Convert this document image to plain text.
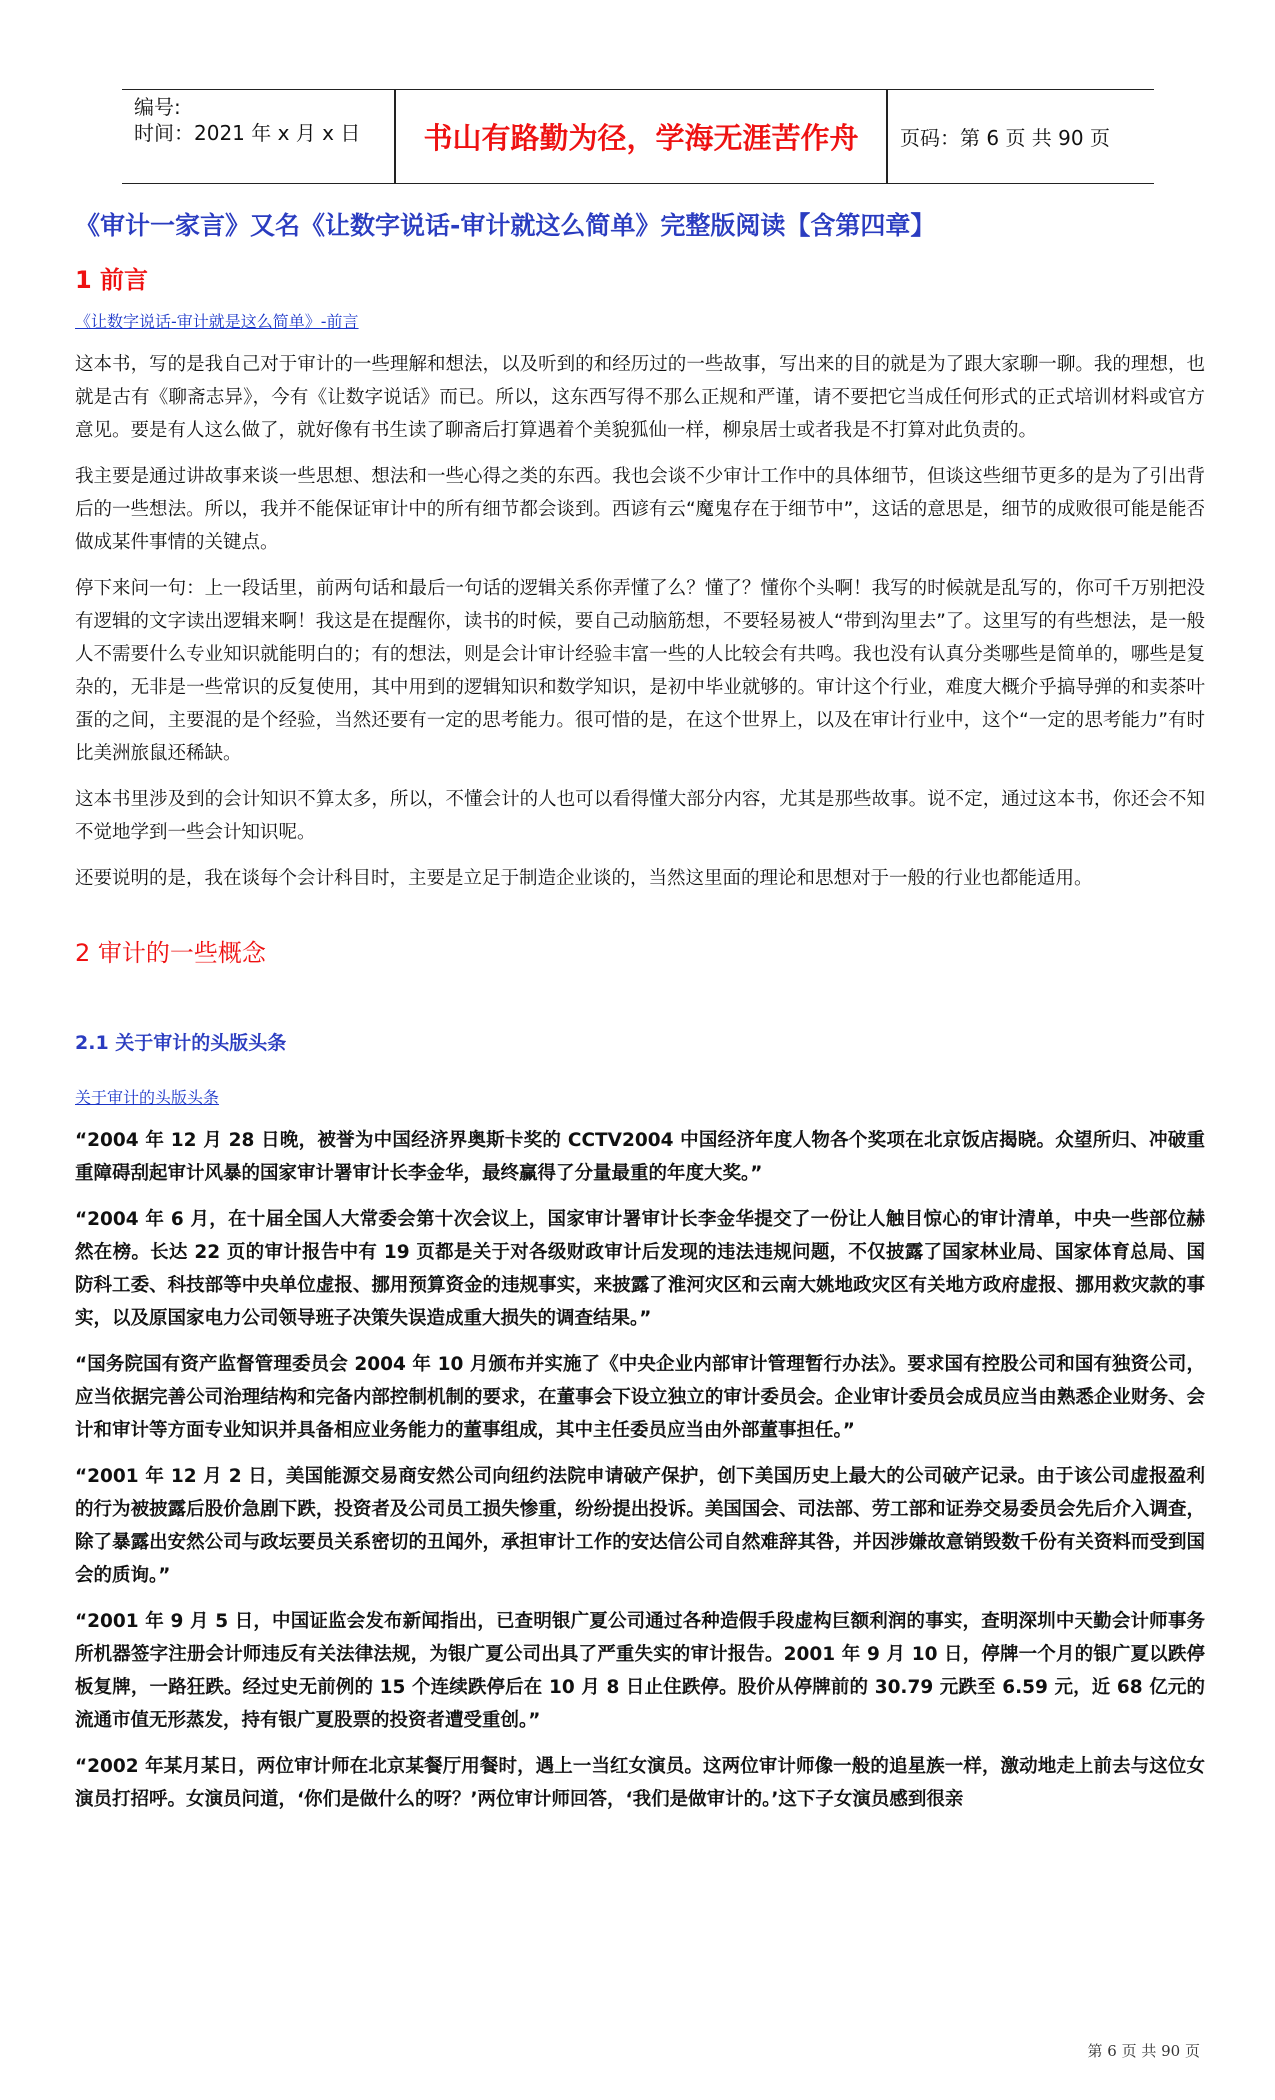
编号:
时间：2021 年 x 月 x 日	书山有路勤为径，学海无涯苦作舟	页码：第 6 页 共 90 页
《审计一家言》又名《让数字说话-审计就这么简单》完整版阅读【含第四章】
1 前言
《让数字说话-审计就是这么简单》-前言

这本书，写的是我自己对于审计的一些理解和想法，以及听到的和经历过的一些故事，写出来的目的就是为了跟大家聊一聊。我的理想，也就是古有《聊斋志异》，今有《让数字说话》而已。所以，这东西写得不那么正规和严谨，请不要把它当成任何形式的正式培训材料或官方意见。要是有人这么做了，就好像有书生读了聊斋后打算遇着个美貌狐仙一样，柳泉居士或者我是不打算对此负责的。

我主要是通过讲故事来谈一些思想、想法和一些心得之类的东西。我也会谈不少审计工作中的具体细节，但谈这些细节更多的是为了引出背后的一些想法。所以，我并不能保证审计中的所有细节都会谈到。西谚有云“魔鬼存在于细节中”，这话的意思是，细节的成败很可能是能否做成某件事情的关键点。

停下来问一句：上一段话里，前两句话和最后一句话的逻辑关系你弄懂了么？懂了？懂你个头啊！我写的时候就是乱写的，你可千万别把没有逻辑的文字读出逻辑来啊！我这是在提醒你，读书的时候，要自己动脑筋想，不要轻易被人“带到沟里去”了。这里写的有些想法，是一般人不需要什么专业知识就能明白的；有的想法，则是会计审计经验丰富一些的人比较会有共鸣。我也没有认真分类哪些是简单的，哪些是复杂的，无非是一些常识的反复使用，其中用到的逻辑知识和数学知识，是初中毕业就够的。审计这个行业，难度大概介乎搞导弹的和卖茶叶蛋的之间，主要混的是个经验，当然还要有一定的思考能力。很可惜的是，在这个世界上，以及在审计行业中，这个“一定的思考能力”有时比美洲旅鼠还稀缺。

这本书里涉及到的会计知识不算太多，所以，不懂会计的人也可以看得懂大部分内容，尤其是那些故事。说不定，通过这本书，你还会不知不觉地学到一些会计知识呢。

还要说明的是，我在谈每个会计科目时，主要是立足于制造企业谈的，当然这里面的理论和思想对于一般的行业也都能适用。

2 审计的一些概念
2.1 关于审计的头版头条
关于审计的头版头条

“2004 年 12 月 28 日晚，被誉为中国经济界奥斯卡奖的 CCTV2004 中国经济年度人物各个奖项在北京饭店揭晓。众望所归、冲破重重障碍刮起审计风暴的国家审计署审计长李金华，最终赢得了分量最重的年度大奖。”

“2004 年 6 月，在十届全国人大常委会第十次会议上，国家审计署审计长李金华提交了一份让人触目惊心的审计清单，中央一些部位赫然在榜。长达 22 页的审计报告中有 19 页都是关于对各级财政审计后发现的违法违规问题，不仅披露了国家林业局、国家体育总局、国防科工委、科技部等中央单位虚报、挪用预算资金的违规事实，来披露了淮河灾区和云南大姚地政灾区有关地方政府虚报、挪用救灾款的事实，以及原国家电力公司领导班子决策失误造成重大损失的调查结果。”

“国务院国有资产监督管理委员会 2004 年 10 月颁布并实施了《中央企业内部审计管理暂行办法》。要求国有控股公司和国有独资公司，应当依据完善公司治理结构和完备内部控制机制的要求，在董事会下设立独立的审计委员会。企业审计委员会成员应当由熟悉企业财务、会计和审计等方面专业知识并具备相应业务能力的董事组成，其中主任委员应当由外部董事担任。”

“2001 年 12 月 2 日，美国能源交易商安然公司向纽约法院申请破产保护，创下美国历史上最大的公司破产记录。由于该公司虚报盈利的行为被披露后股价急剧下跌，投资者及公司员工损失惨重，纷纷提出投诉。美国国会、司法部、劳工部和证券交易委员会先后介入调查，除了暴露出安然公司与政坛要员关系密切的丑闻外，承担审计工作的安达信公司自然难辞其咎，并因涉嫌故意销毁数千份有关资料而受到国会的质询。”

“2001 年 9 月 5 日，中国证监会发布新闻指出，已查明银广夏公司通过各种造假手段虚构巨额利润的事实，查明深圳中天勤会计师事务所机器签字注册会计师违反有关法律法规，为银广夏公司出具了严重失实的审计报告。2001 年 9 月 10 日，停牌一个月的银广夏以跌停板复牌，一路狂跌。经过史无前例的 15 个连续跌停后在 10 月 8 日止住跌停。股价从停牌前的 30.79 元跌至 6.59 元，近 68 亿元的流通市值无形蒸发，持有银广夏股票的投资者遭受重创。”

“2002 年某月某日，两位审计师在北京某餐厅用餐时，遇上一当红女演员。这两位审计师像一般的追星族一样，激动地走上前去与这位女演员打招呼。女演员问道，‘你们是做什么的呀？’两位审计师回答，‘我们是做审计的。’这下子女演员感到很亲

第 6 页 共 90 页
